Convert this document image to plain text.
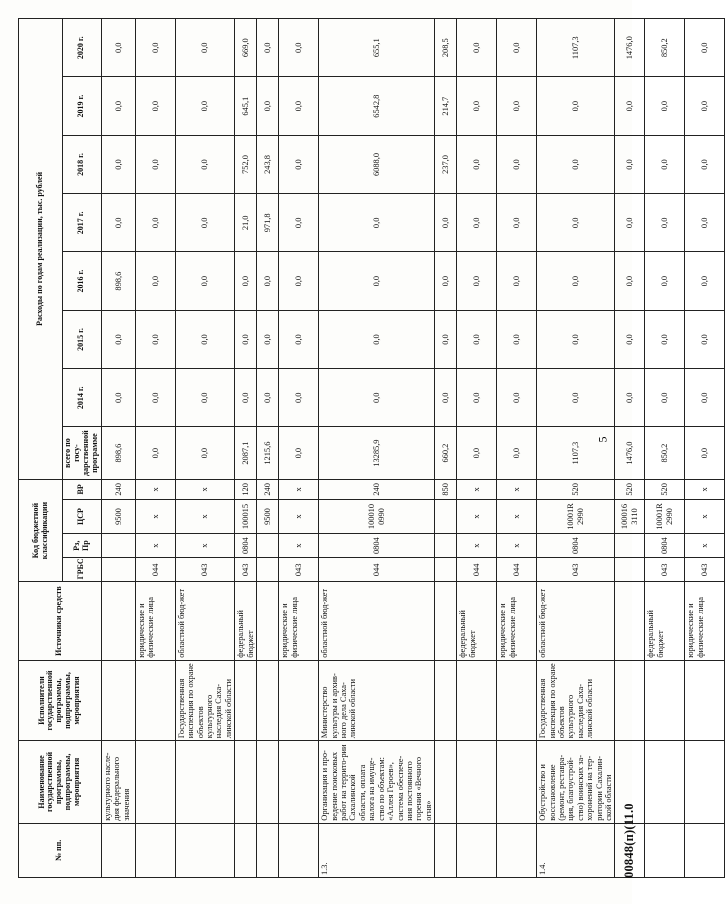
№ пп.	Наименование государственной программы, подпрограммы, мероприятия	Исполнители государственной программы, подпрограммы, мероприятия	Источники средств	Код бюджетной классификации				Расходы по годам реализации, тыс. рублей							
				ГРБС	Рз, Пр	ЦСР	ВР	всего по госу-дарственной программе	2014 г.	2015 г.	2016 г.	2017 г.	2018 г.	2019 г.	2020 г.
	культурного насле-дия федерального значения					9500	240	898,6	0,0	0,0	898,6	0,0	0,0	0,0	0,0
			юридические и физические лица	044	х	х	х	0,0	0,0	0,0	0,0	0,0	0,0	0,0	0,0
		Государственная инспекция по охране объектов культурного наследия Саха-линской области	областной бюд-жет	043	х	х	х	0,0	0,0	0,0	0,0	0,0	0,0	0,0	0,0
			федеральный бюджет	043	0804	100015	120	2087,1	0,0	0,0	0,0	21,0	752,0	645,1	669,0
						9500	240	1215,6	0,0	0,0	0,0	971,8	243,8	0,0	0,0
			юридические и физические лица	043	х	х	х	0,0	0,0	0,0	0,0	0,0	0,0	0,0	0,0
1.3.	Организация и про-ведение поисковых работ на террито-рии Сахалинской области, оплата налога на имуще-ство по объектам: «Аллея Героев», система обеспече-ния постоянного горения «Вечного огня»	Министерство культуры и архив-ного дела Саха-линской области	областной бюд-жет	044	0804	100010 0990	240	13285,9	0,0	0,0	0,0	0,0	6088,0	6542,8	655,1
							850	660,2	0,0	0,0	0,0	0,0	237,0	214,7	208,5
			федеральный бюджет	044	х	х	х	0,0	0,0	0,0	0,0	0,0	0,0	0,0	0,0
			юридические и физические лица	044	х	х	х	0,0	0,0	0,0	0,0	0,0	0,0	0,0	0,0
1.4.	Обустройство и восстановление (ремонт, реставра-ция, благоустрой-ство) воинских за-хоронений на тер-ритории Сахалин-ской области	Государственная инспекция по охране объектов культурного наследия Саха-линской области	областной бюд-жет	043	0804	10001R 2990	520	1107,3	0,0	0,0	0,0	0,0	0,0	0,0	1107,3
						100016 3110	520	1476,0	0,0	0,0	0,0	0,0	0,0	0,0	1476,0
			федеральный бюджет	043	0804	10001R 2990	520	850,2	0,0	0,0	0,0	0,0	0,0	0,0	850,2
			юридические и физические лица	043	х	х	х	0,0	0,0	0,0	0,0	0,0	0,0	0,0	0,0
00848(п)(11.0
5
